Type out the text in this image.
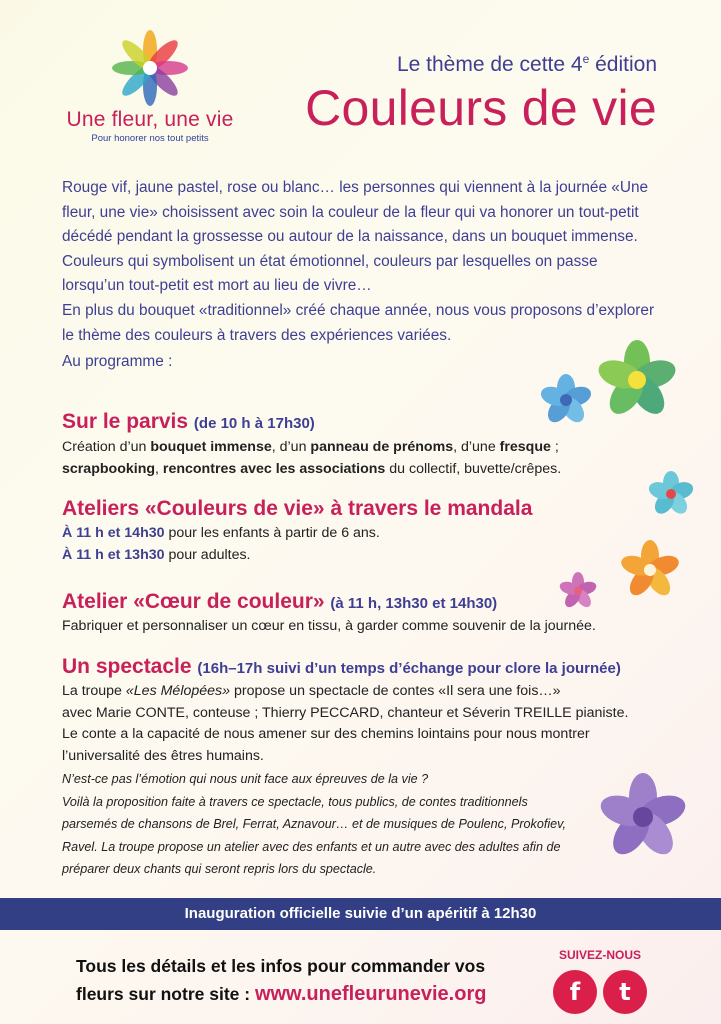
Une fleur, une vie
Pour honorer nos tout petits
Le thème de cette 4e édition
Couleurs de vie

Rouge vif, jaune pastel, rose ou blanc… les personnes qui viennent à la journée «Une fleur, une vie» choisissent avec soin la couleur de la fleur qui va honorer un tout-petit décédé pendant la grossesse ou autour de la naissance, dans un bouquet immense. Couleurs qui symbolisent un état émotionnel, couleurs par lesquelles on passe lorsqu’un tout-petit est mort au lieu de vivre…

En plus du bouquet «traditionnel» créé chaque année, nous vous proposons d’explorer le thème des couleurs à travers des expériences variées.

Au programme :

Sur le parvis (de 10 h à 17h30)
Création d’un bouquet immense, d’un panneau de prénoms, d’une fresque ;
scrapbooking, rencontres avec les associations du collectif, buvette/crêpes.
Ateliers «Couleurs de vie» à travers le mandala
À 11 h et 14h30 pour les enfants à partir de 6 ans.
À 11 h et 13h30 pour adultes.
Atelier «Cœur de couleur» (à 11 h, 13h30 et 14h30)
Fabriquer et personnaliser un cœur en tissu, à garder comme souvenir de la journée.
Un spectacle (16h–17h suivi d’un temps d’échange pour clore la journée)
La troupe «Les Mélopées» propose un spectacle de contes «Il sera une fois…»
avec Marie CONTE, conteuse ; Thierry PECCARD, chanteur et Séverin TREILLE pianiste.
Le conte a la capacité de nous amener sur des chemins lointains pour nous montrer l’universalité des êtres humains.
N’est-ce pas l’émotion qui nous unit face aux épreuves de la vie ?
Voilà la proposition faite à travers ce spectacle, tous publics, de contes traditionnels parsemés de chansons de Brel, Ferrat, Aznavour… et de musiques de Poulenc, Prokofiev, Ravel. La troupe propose un atelier avec des enfants et un autre avec des adultes afin de préparer deux chants qui seront repris lors du spectacle.
Inauguration officielle suivie d’un apéritif à 12h30
Tous les détails et les infos pour commander vos
fleurs sur notre site : www.unefleurunevie.org
SUIVEZ-NOUS
f	t
